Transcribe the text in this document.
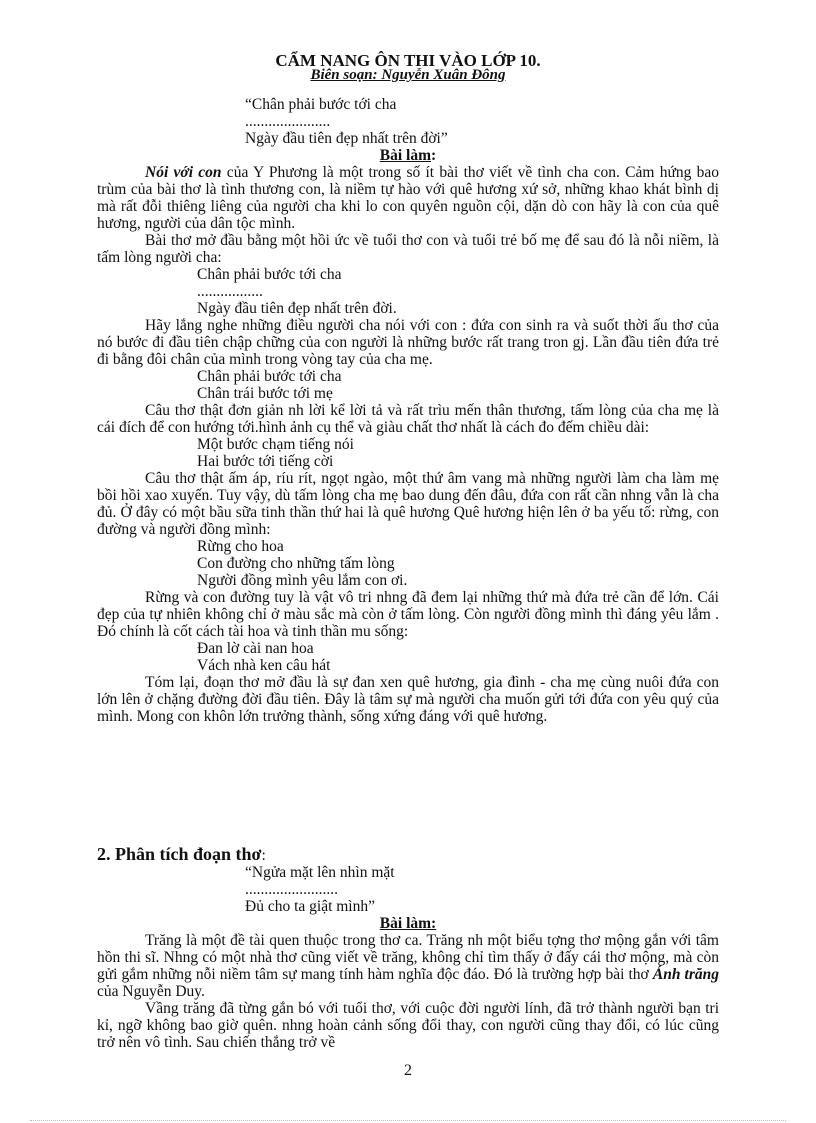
CẨM NANG ÔN THI VÀO LỚP 10.
Biên soạn: Nguyễn Xuân Đông

“Chân phải bước tới cha

......................

Ngày đầu tiên đẹp nhất trên đời”

Bài làm:

Nói với con của Y Phương là một trong số ít bài thơ viết về tình cha con. Cảm hứng bao trùm của bài thơ là tình thương con, là niềm tự hào với quê hương xứ sở, những khao khát bình dị mà rất đỗi thiêng liêng của người cha khi lo con quyên nguồn cội, dặn dò con hãy là con của quê hương, người của dân tộc mình.

Bài thơ mở đầu bằng một hồi ức về tuổi thơ con và tuổi trẻ bố mẹ để sau đó là nỗi niềm, là tấm lòng người cha:

Chân phải bước tới cha

.................

Ngày đầu tiên đẹp nhất trên đời.

Hãy lắng nghe những điều người cha nói với con : đứa con sinh ra và suốt thời ấu thơ của nó bước đi đầu tiên chập chững của con người là những bước rất trang tron gj. Lần đầu tiên đứa trẻ đi bằng đôi chân của mình trong vòng tay của cha mẹ.

Chân phải bước tới cha

Chân trái bước tới mẹ

Câu thơ thật đơn giản nh lời kể lời tả và rất trìu mến thân thương, tấm lòng của cha mẹ là cái đích để con hướng tới.hình ảnh cụ thể và giàu chất thơ nhất là cách đo đếm chiều dài:

Một bước chạm tiếng nói

Hai bước tới tiếng cời

Câu thơ thật ấm áp, ríu rít, ngọt ngào, một thứ âm vang mà những người làm cha làm mẹ bồi hồi xao xuyến. Tuy vậy, dù tấm lòng cha mẹ bao dung đến đâu, đứa con rất cần nhng vẫn là cha đủ. Ở đây có một bầu sữa tinh thần thứ hai là quê hương Quê hương hiện lên ở ba yếu tố: rừng, con đường và người đồng mình:

Rừng cho hoa

Con đường cho những tấm lòng

Người đồng mình yêu lắm con ơi.

Rừng và con đường tuy là vật vô tri nhng đã đem lại những thứ mà đứa trẻ cần để lớn. Cái đẹp của tự nhiên không chỉ ở màu sắc mà còn ở tấm lòng. Còn người đồng mình thì đáng yêu lắm . Đó chính là cốt cách tài hoa và tinh thần mu sống:

Đan lờ cài nan hoa

Vách nhà ken câu hát

Tóm lại, đoạn thơ mở đầu là sự đan xen quê hương, gia đình - cha mẹ cùng nuôi đứa con lớn lên ở chặng đường đời đầu tiên. Đây là tâm sự mà người cha muốn gửi tới đứa con yêu quý của mình. Mong con khôn lớn trưởng thành, sống xứng đáng với quê hương.

2. Phân tích đoạn thơ:

“Ngửa mặt lên nhìn mặt

........................

Đủ cho ta giật mình”

Bài làm:

Trăng là một đề tài quen thuộc trong thơ ca. Trăng nh một biểu tợng thơ mộng gắn với tâm hồn thi sĩ. Nhng có một nhà thơ cũng viết về trăng, không chỉ tìm thấy ở đấy cái thơ mộng, mà còn gửi gắm những nỗi niềm tâm sự mang tính hàm nghĩa độc đáo. Đó là trường hợp bài thơ Ánh trăng của Nguyễn Duy.

Vầng trăng đã từng gắn bó với tuổi thơ, với cuộc đời người lính, đã trở thành người bạn tri kỉ, ngỡ không bao giờ quên. nhng hoàn cảnh sống đổi thay, con người cũng thay đổi, có lúc cũng trở nên vô tình. Sau chiến thắng trở về

2
